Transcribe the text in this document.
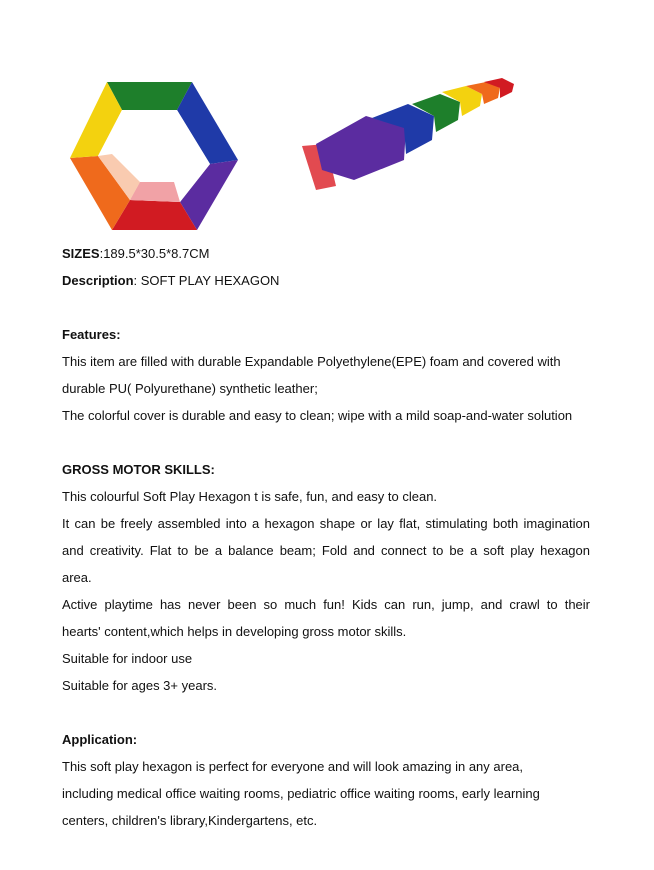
SIZES:189.5*30.5*8.7CM
Description: SOFT PLAY HEXAGON
Features:
This item are filled with durable Expandable Polyethylene(EPE) foam and covered with
durable PU( Polyurethane) synthetic leather;
The colorful cover is durable and easy to clean; wipe with a mild soap-and-water solution
GROSS MOTOR SKILLS:
This colourful Soft Play Hexagon t is safe, fun, and easy to clean.
It can be freely assembled into a hexagon shape or lay flat, stimulating both imagination
and creativity. Flat to be a balance beam; Fold and connect to be a soft play hexagon
area.
Active playtime has never been so much fun! Kids can run, jump, and crawl to their
hearts' content,which helps in developing gross motor skills.
Suitable for indoor use
Suitable for ages 3+ years.
Application:
This soft play hexagon is perfect for everyone and will look amazing in any area,
including medical office waiting rooms, pediatric office waiting rooms, early learning
centers, children's library,Kindergartens, etc.
